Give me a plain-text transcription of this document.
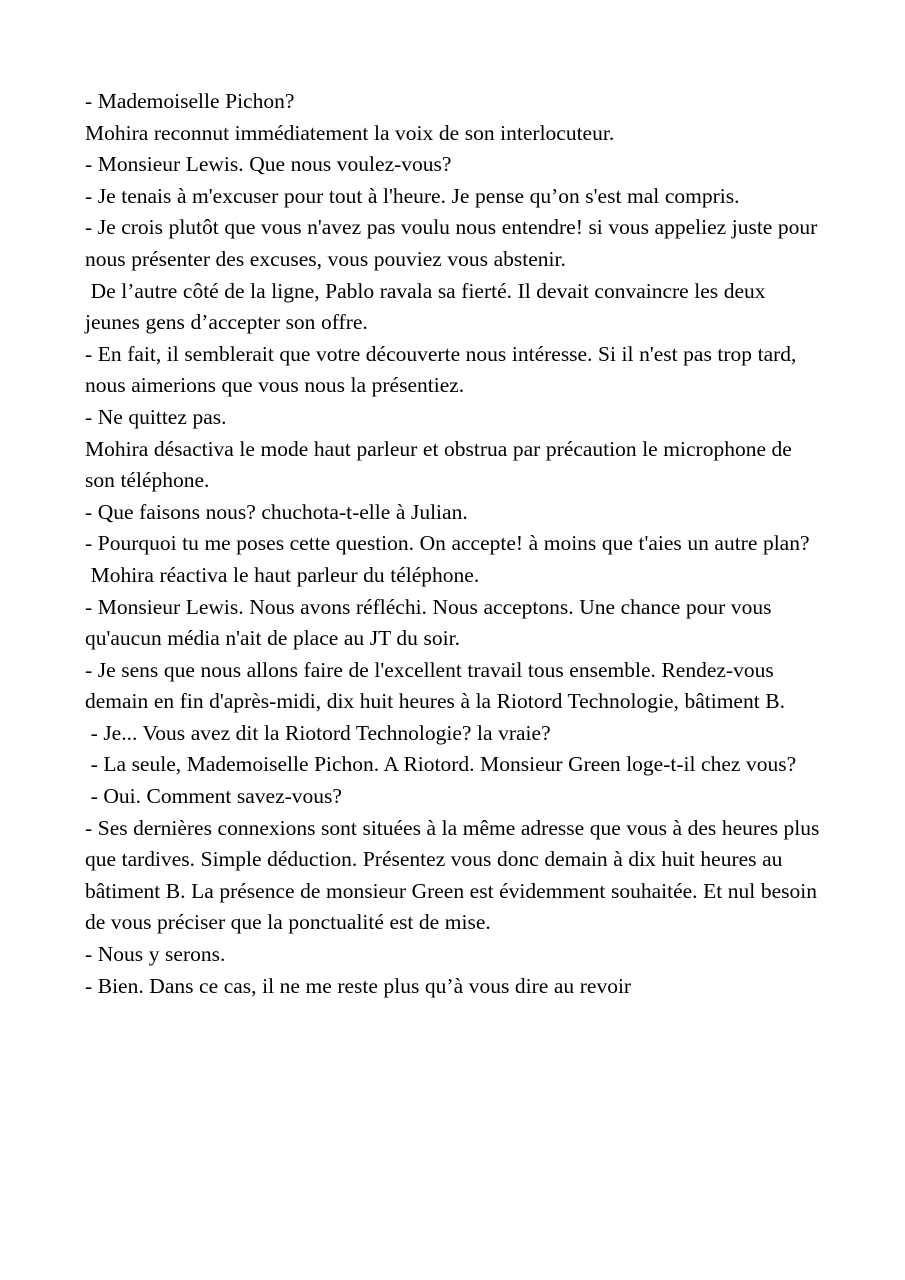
- Mademoiselle Pichon?

Mohira reconnut immédiatement la voix de son interlocuteur.

- Monsieur Lewis. Que nous voulez-vous?

- Je tenais à m'excuser pour tout à l'heure. Je pense qu’on s'est mal compris.

- Je crois plutôt que vous n'avez pas voulu nous entendre! si vous appeliez juste pour nous présenter des excuses, vous pouviez vous abstenir.

De l’autre côté de la ligne, Pablo ravala sa fierté. Il devait convaincre les deux jeunes gens d’accepter son offre.

- En fait, il semblerait que votre découverte nous intéresse. Si il n'est pas trop tard, nous aimerions que vous nous la présentiez.

- Ne quittez pas.

Mohira désactiva le mode haut parleur et obstrua par précaution le microphone de son téléphone.

- Que faisons nous? chuchota-t-elle à Julian.

- Pourquoi tu me poses cette question. On accepte! à moins que t'aies un autre plan?

Mohira réactiva le haut parleur du téléphone.

- Monsieur Lewis. Nous avons réfléchi. Nous acceptons. Une chance pour vous qu'aucun média n'ait de place au JT du soir.

- Je sens que nous allons faire de l'excellent travail tous ensemble. Rendez-vous demain en fin d'après-midi, dix huit heures à la Riotord Technologie, bâtiment B.

- Je... Vous avez dit la Riotord Technologie? la vraie?

- La seule, Mademoiselle Pichon. A Riotord. Monsieur Green loge-t-il chez vous?

- Oui. Comment savez-vous?

- Ses dernières connexions sont situées à la même adresse que vous à des heures plus que tardives. Simple déduction. Présentez vous donc demain à dix huit heures au bâtiment B. La présence de monsieur Green est évidemment souhaitée. Et nul besoin de vous préciser que la ponctualité est de mise.

- Nous y serons.

- Bien. Dans ce cas, il ne me reste plus qu’à vous dire au revoir
